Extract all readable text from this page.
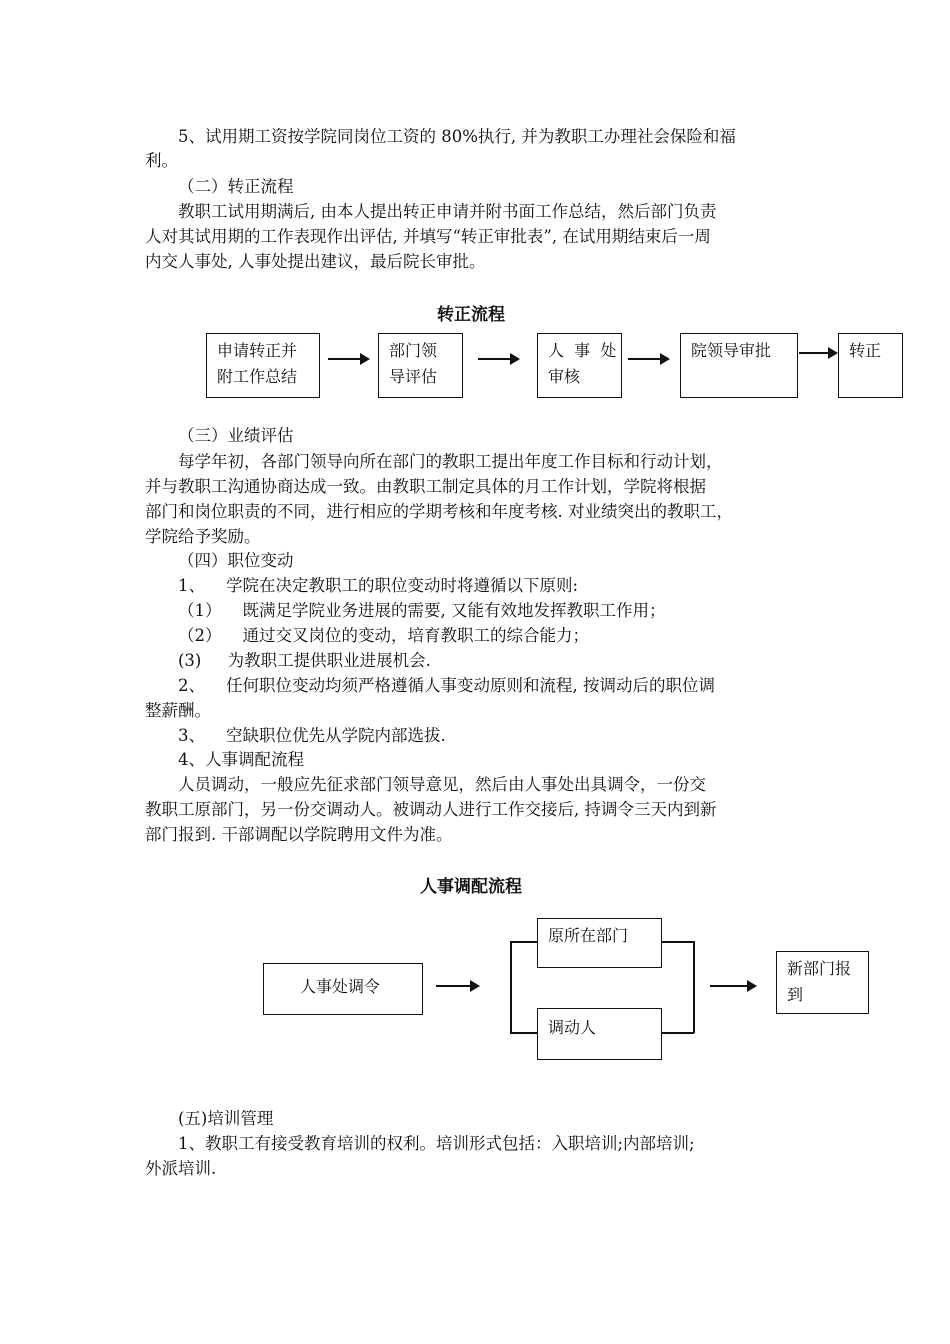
5、试用期工资按学院同岗位工资的 80%执行, 并为教职工办理社会保险和福
利。
（二）转正流程
教职工试用期满后, 由本人提出转正申请并附书面工作总结，然后部门负责
人对其试用期的工作表现作出评估, 并填写“转正审批表”, 在试用期结束后一周
内交人事处, 人事处提出建议，最后院长审批。
转正流程
申请转正并
附工作总结
部门领
导评估
人  事  处
审核
院领导审批	转正
（三）业绩评估
每学年初，各部门领导向所在部门的教职工提出年度工作目标和行动计划，
并与教职工沟通协商达成一致。由教职工制定具体的月工作计划，学院将根据
部门和岗位职责的不同，进行相应的学期考核和年度考核. 对业绩突出的教职工，
学院给予奖励。
（四）职位变动
1、    学院在决定教职工的职位变动时将遵循以下原则:
（1）    既满足学院业务进展的需要, 又能有效地发挥教职工作用；
（2）    通过交叉岗位的变动，培育教职工的综合能力；
(3)     为教职工提供职业进展机会.
2、    任何职位变动均须严格遵循人事变动原则和流程, 按调动后的职位调
整薪酬。
3、    空缺职位优先从学院内部选拔.
4、人事调配流程
人员调动，一般应先征求部门领导意见，然后由人事处出具调令，一份交
教职工原部门，另一份交调动人。被调动人进行工作交接后, 持调令三天内到新
部门报到. 干部调配以学院聘用文件为准。
人事调配流程
人事处调令
原所在部门
调动人
新部门报
到
(五)培训管理
1、教职工有接受教育培训的权利。培训形式包括：入职培训;内部培训;
外派培训.
